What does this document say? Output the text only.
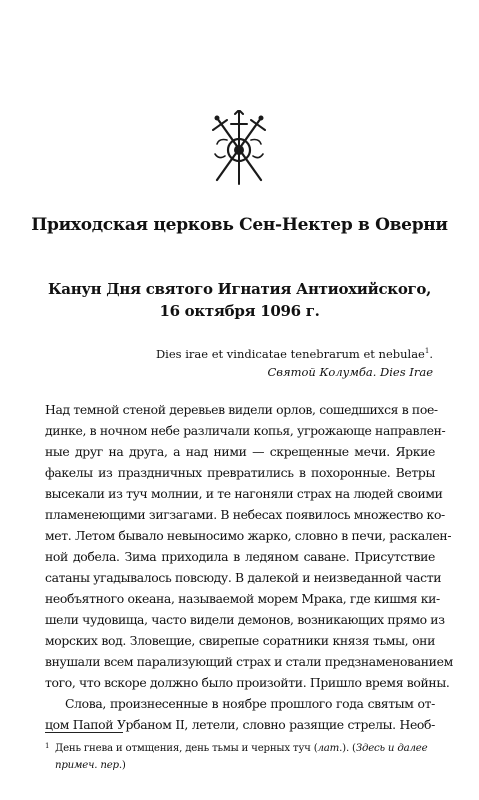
Приходская церковь Сен-Нектер в Оверни
Канун Дня святого Игнатия Антиохийского,
16 октября 1096 г.
Dies irae et vindicatae tenebrarum et nebulae$^1$.
Святой Колумба. Dies Irae
Над темной стеной деревьев видели орлов, сошедшихся в пое-
динке, в ночном небе различали копья, угрожающе направлен-
ные друг на друга, а над ними — скрещенные мечи. Яркие
факелы из праздничных превратились в похоронные. Ветры
высекали из туч молнии, и те нагоняли страх на людей своими
пламенеющими зигзагами. В небесах появилось множество ко-
мет. Летом бывало невыносимо жарко, словно в печи, раскален-
ной добела. Зима приходила в ледяном саване. Присутствие
сатаны угадывалось повсюду. В далекой и неизведанной части
необъятного океана, называемой морем Мрака, где кишмя ки-
шели чудовища, часто видели демонов, возникающих прямо из
морских вод. Зловещие, свирепые соратники князя тьмы, они
внушали всем парализующий страх и стали предзнаменованием
того, что вскоре должно было произойти. Пришло время войны.
Слова, произнесенные в ноябре прошлого года святым от-
цом Папой Урбаном II, летели, словно разящие стрелы. Необ-
1 День гнева и отмщения, день тьмы и черных туч (лат.). (Здесь и далее
примеч. пер.)
